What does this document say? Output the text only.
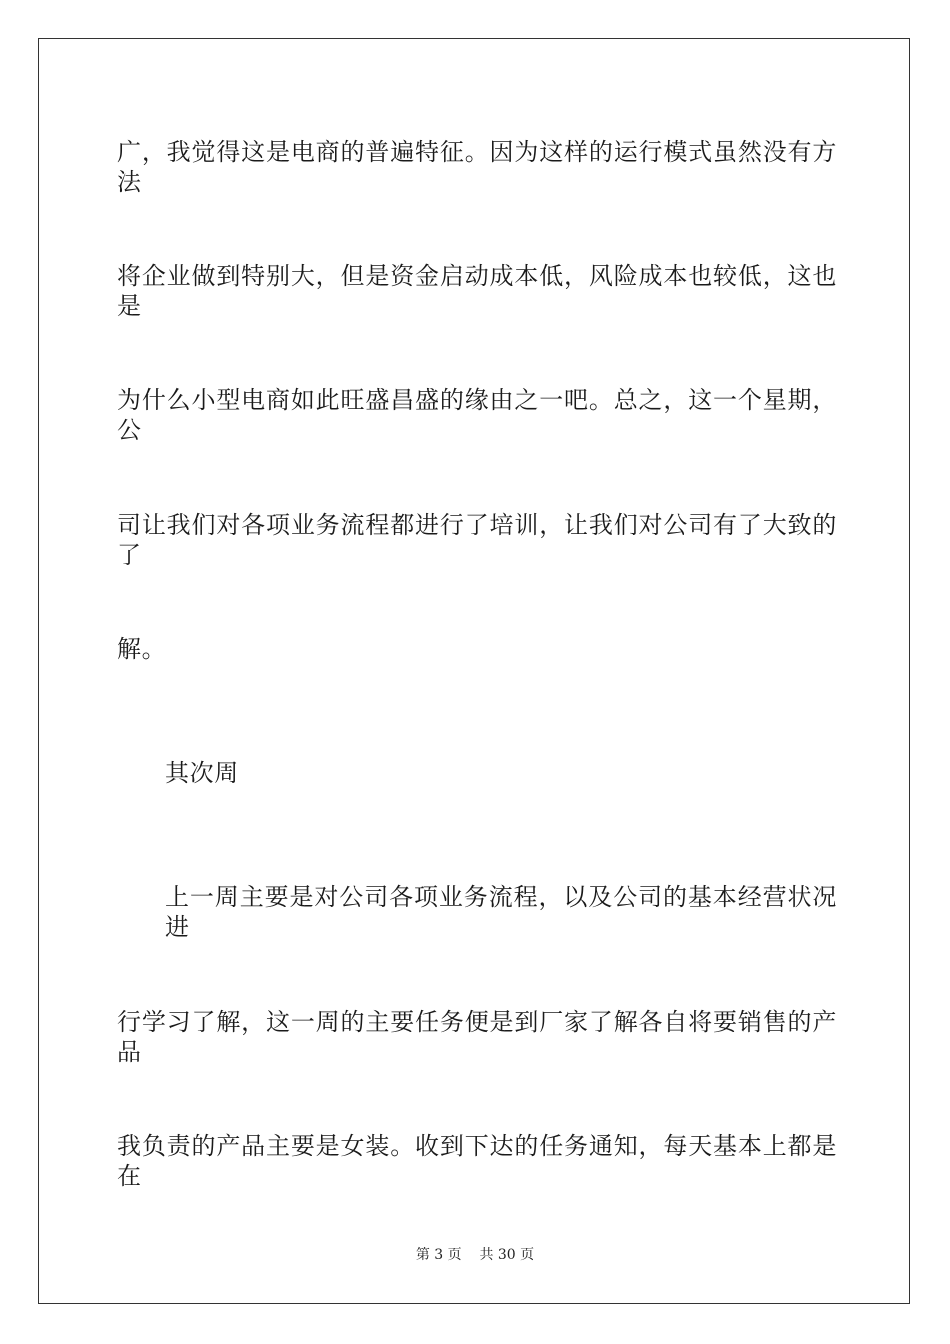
广，我觉得这是电商的普遍特征。因为这样的运行模式虽然没有方法
将企业做到特别大，但是资金启动成本低，风险成本也较低，这也是
为什么小型电商如此旺盛昌盛的缘由之一吧。总之，这一个星期，公
司让我们对各项业务流程都进行了培训，让我们对公司有了大致的了
解。
其次周
上一周主要是对公司各项业务流程，以及公司的基本经营状况进
行学习了解，这一周的主要任务便是到厂家了解各自将要销售的产品
我负责的产品主要是女装。收到下达的任务通知，每天基本上都是在
第 3 页 共 30 页
